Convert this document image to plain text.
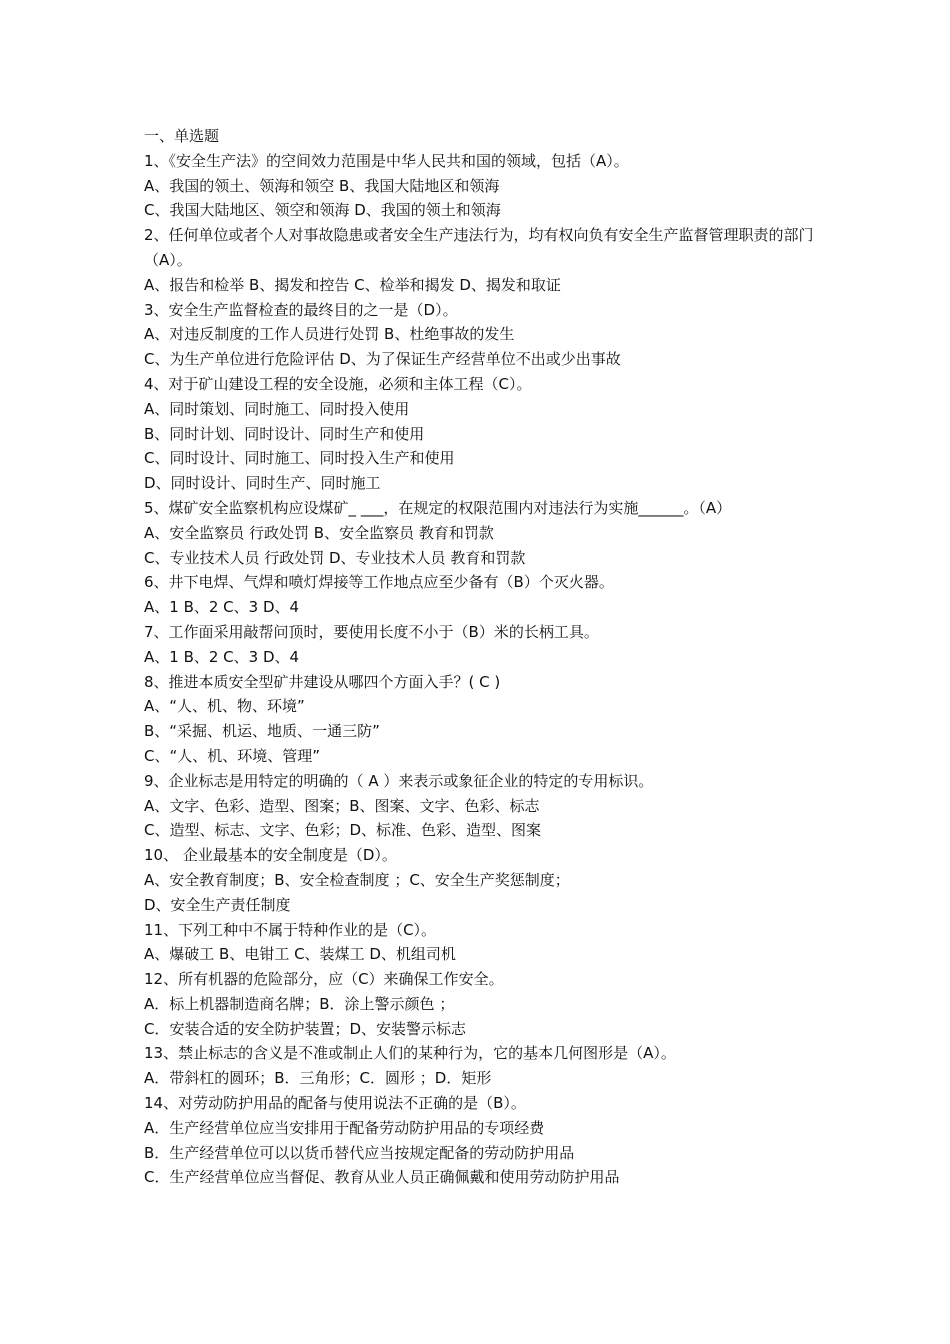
一、单选题

1、《安全生产法》的空间效力范围是中华人民共和国的领域，包括（A）。

A、我国的领土、领海和领空 B、我国大陆地区和领海

C、我国大陆地区、领空和领海 D、我国的领土和领海

2、任何单位或者个人对事故隐患或者安全生产违法行为，均有权向负有安全生产监督管理职责的部门（A）。

A、报告和检举 B、揭发和控告 C、检举和揭发 D、揭发和取证

3、安全生产监督检查的最终目的之一是（D）。

A、对违反制度的工作人员进行处罚 B、杜绝事故的发生

C、为生产单位进行危险评估 D、为了保证生产经营单位不出或少出事故

4、对于矿山建设工程的安全设施，必须和主体工程（C）。

A、同时策划、同时施工、同时投入使用

B、同时计划、同时设计、同时生产和使用

C、同时设计、同时施工、同时投入生产和使用

D、同时设计、同时生产、同时施工

5、煤矿安全监察机构应设煤矿_ ___，在规定的权限范围内对违法行为实施______。（A）

A、安全监察员 行政处罚 B、安全监察员 教育和罚款

C、专业技术人员 行政处罚 D、专业技术人员 教育和罚款

6、井下电焊、气焊和喷灯焊接等工作地点应至少备有（B）个灭火器。

A、1 B、2 C、3 D、4

7、工作面采用敲帮问顶时，要使用长度不小于（B）米的长柄工具。

A、1 B、2 C、3 D、4

8、推进本质安全型矿井建设从哪四个方面入手？( C )

A、“人、机、物、环境”

B、“采掘、机运、地质、一通三防”

C、“人、机、环境、管理”

9、企业标志是用特定的明确的（ A ）来表示或象征企业的特定的专用标识。

A、文字、色彩、造型、图案；B、图案、文字、色彩、标志

C、造型、标志、文字、色彩；D、标准、色彩、造型、图案

10、 企业最基本的安全制度是（D）。

A、安全教育制度；B、安全检查制度 ；C、安全生产奖惩制度；

D、安全生产责任制度

11、下列工种中不属于特种作业的是（C）。

A、爆破工 B、电钳工 C、装煤工 D、机组司机

12、所有机器的危险部分，应（C）来确保工作安全。

A．标上机器制造商名牌；B．涂上警示颜色 ；

C．安装合适的安全防护装置；D、安装警示标志

13、禁止标志的含义是不准或制止人们的某种行为，它的基本几何图形是（A）。

A．带斜杠的圆环；B．三角形；C．圆形 ；D．矩形

14、对劳动防护用品的配备与使用说法不正确的是（B）。

A．生产经营单位应当安排用于配备劳动防护用品的专项经费

B．生产经营单位可以以货币替代应当按规定配备的劳动防护用品

C．生产经营单位应当督促、教育从业人员正确佩戴和使用劳动防护用品
